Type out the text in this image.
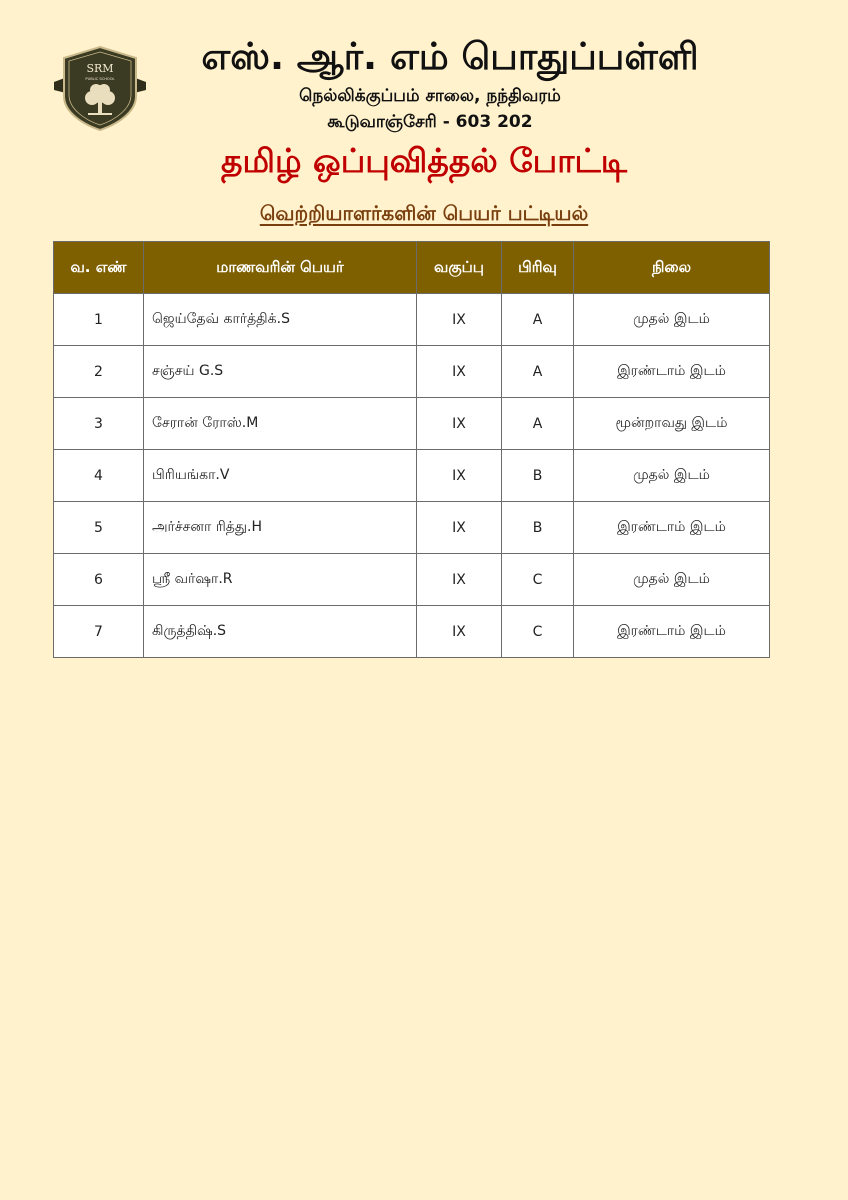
SRM
PUBLIC SCHOOL
எஸ். ஆர். எம் பொதுப்பள்ளி
நெல்லிக்குப்பம் சாலை, நந்திவரம்
கூடுவாஞ்சேரி - 603 202
தமிழ் ஒப்புவித்தல் போட்டி
வெற்றியாளர்களின் பெயர் பட்டியல்
வ. எண்	மாணவரின் பெயர்	வகுப்பு	பிரிவு	நிலை
1	ஜெய்தேவ் கார்த்திக்.S	IX	A	முதல் இடம்
2	சஞ்சய் G.S	IX	A	இரண்டாம் இடம்
3	சேரான் ரோஸ்.M	IX	A	மூன்றாவது இடம்
4	பிரியங்கா.V	IX	B	முதல் இடம்
5	அர்ச்சனா ரித்து.H	IX	B	இரண்டாம் இடம்
6	ஸ்ரீ வர்ஷா.R	IX	C	முதல் இடம்
7	கிருத்திஷ்.S	IX	C	இரண்டாம் இடம்
